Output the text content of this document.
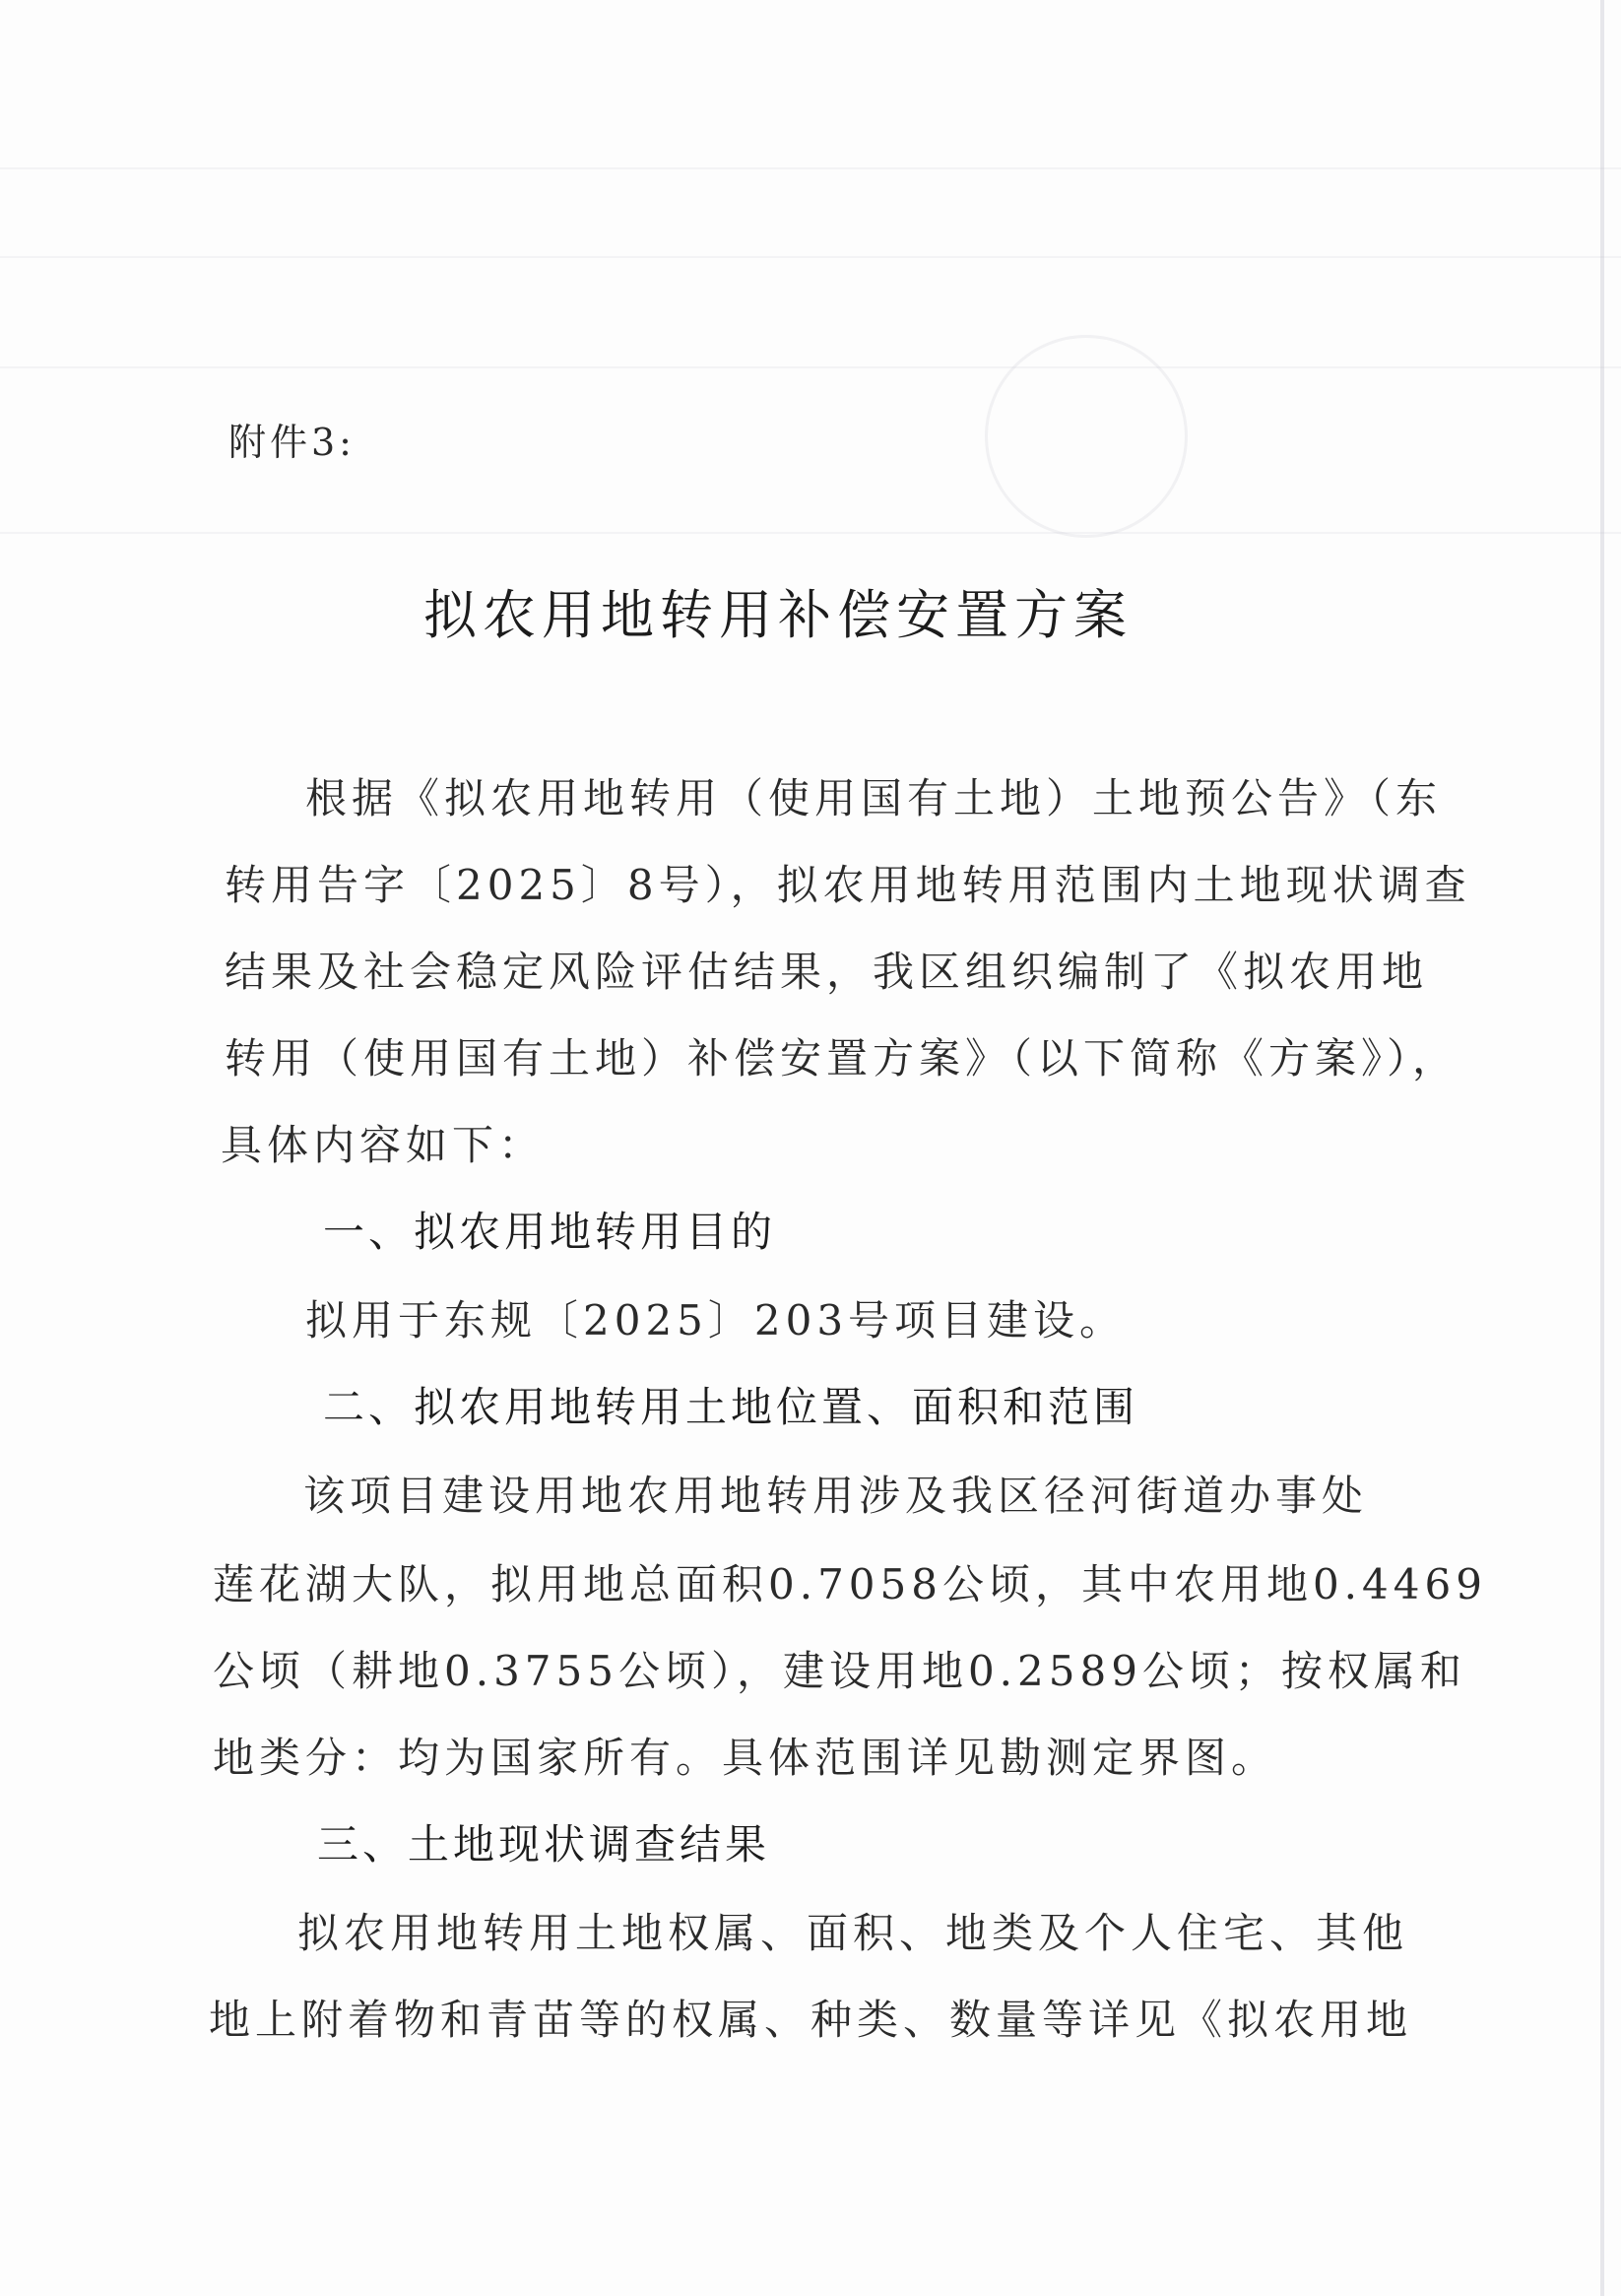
附件3:
拟农用地转用补偿安置方案
根据《拟农用地转用（使用国有土地）土地预公告》（东
转用告字〔2025〕8号），拟农用地转用范围内土地现状调查
结果及社会稳定风险评估结果，我区组织编制了《拟农用地
转用（使用国有土地）补偿安置方案》（以下简称《方案》），
具体内容如下：
一、拟农用地转用目的
拟用于东规〔2025〕203号项目建设。
二、拟农用地转用土地位置、面积和范围
该项目建设用地农用地转用涉及我区径河街道办事处
莲花湖大队，拟用地总面积0.7058公顷，其中农用地0.4469
公顷（耕地0.3755公顷），建设用地0.2589公顷；按权属和
地类分：均为国家所有。具体范围详见勘测定界图。
三、土地现状调查结果
拟农用地转用土地权属、面积、地类及个人住宅、其他
地上附着物和青苗等的权属、种类、数量等详见《拟农用地
